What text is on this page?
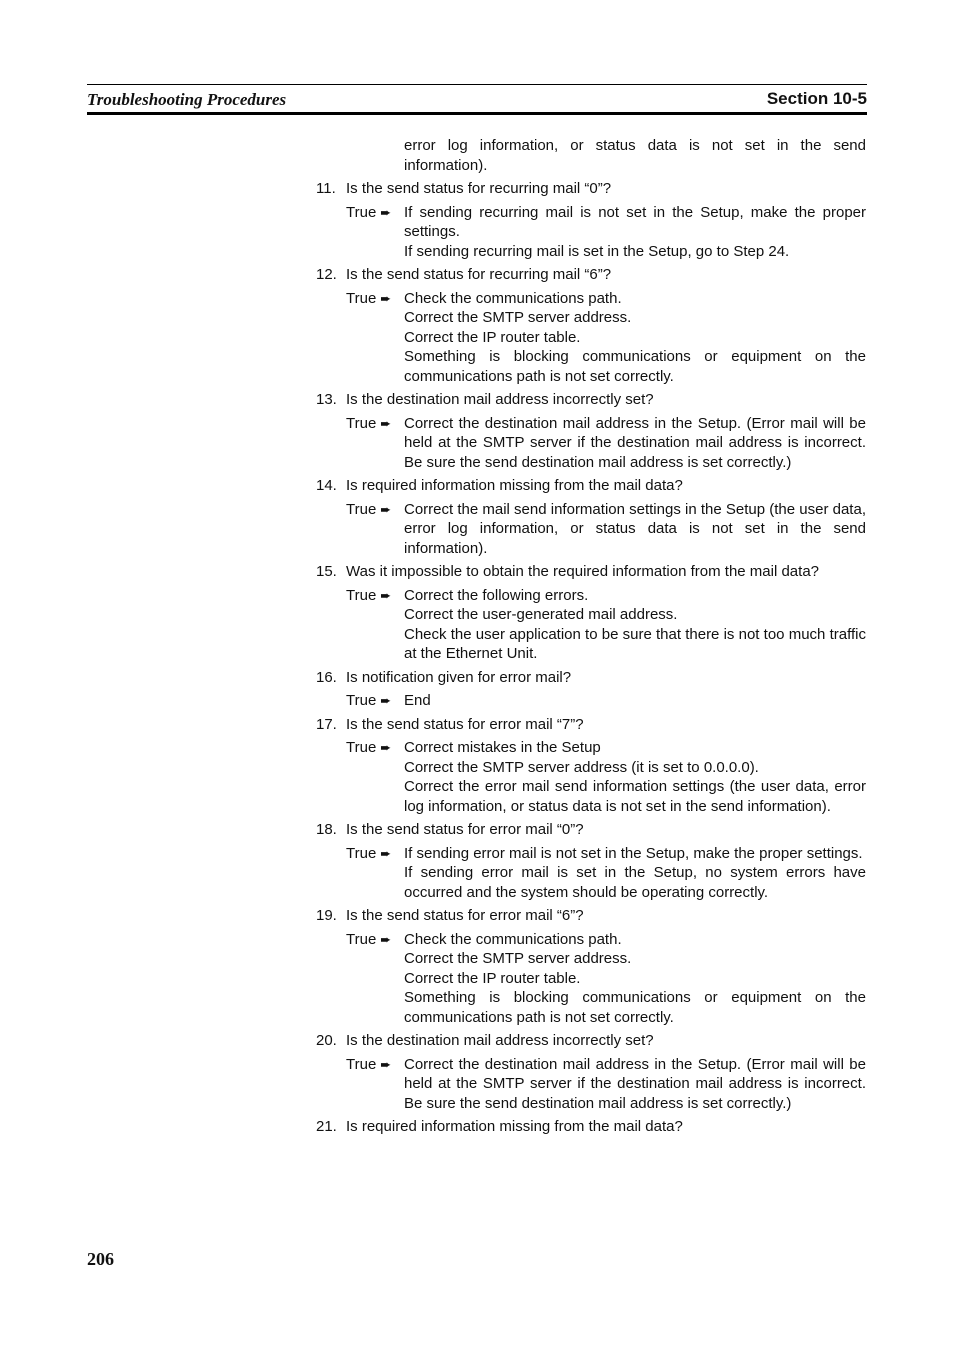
Troubleshooting Procedures	Section 10-5
error log information, or status data is not set in the send information).
11. Is the send status for recurring mail “0”?
True ➨ If sending recurring mail is not set in the Setup, make the proper settings.
If sending recurring mail is set in the Setup, go to Step 24.
12. Is the send status for recurring mail “6”?
True ➨ Check the communications path.
Correct the SMTP server address.
Correct the IP router table.
Something is blocking communications or equipment on the communications path is not set correctly.
13. Is the destination mail address incorrectly set?
True ➨ Correct the destination mail address in the Setup. (Error mail will be held at the SMTP server if the destination mail address is incorrect. Be sure the send destination mail address is set correctly.)
14. Is required information missing from the mail data?
True ➨ Correct the mail send information settings in the Setup (the user data, error log information, or status data is not set in the send information).
15. Was it impossible to obtain the required information from the mail data?
True ➨ Correct the following errors.
Correct the user-generated mail address.
Check the user application to be sure that there is not too much traffic at the Ethernet Unit.
16. Is notification given for error mail?
True ➨ End
17. Is the send status for error mail “7”?
True ➨ Correct mistakes in the Setup
Correct the SMTP server address (it is set to 0.0.0.0).
Correct the error mail send information settings (the user data, error log information, or status data is not set in the send information).
18. Is the send status for error mail “0”?
True ➨ If sending error mail is not set in the Setup, make the proper settings.
If sending error mail is set in the Setup, no system errors have occurred and the system should be operating correctly.
19. Is the send status for error mail “6”?
True ➨ Check the communications path.
Correct the SMTP server address.
Correct the IP router table.
Something is blocking communications or equipment on the communications path is not set correctly.
20. Is the destination mail address incorrectly set?
True ➨ Correct the destination mail address in the Setup. (Error mail will be held at the SMTP server if the destination mail address is incorrect. Be sure the send destination mail address is set correctly.)
21. Is required information missing from the mail data?
206
